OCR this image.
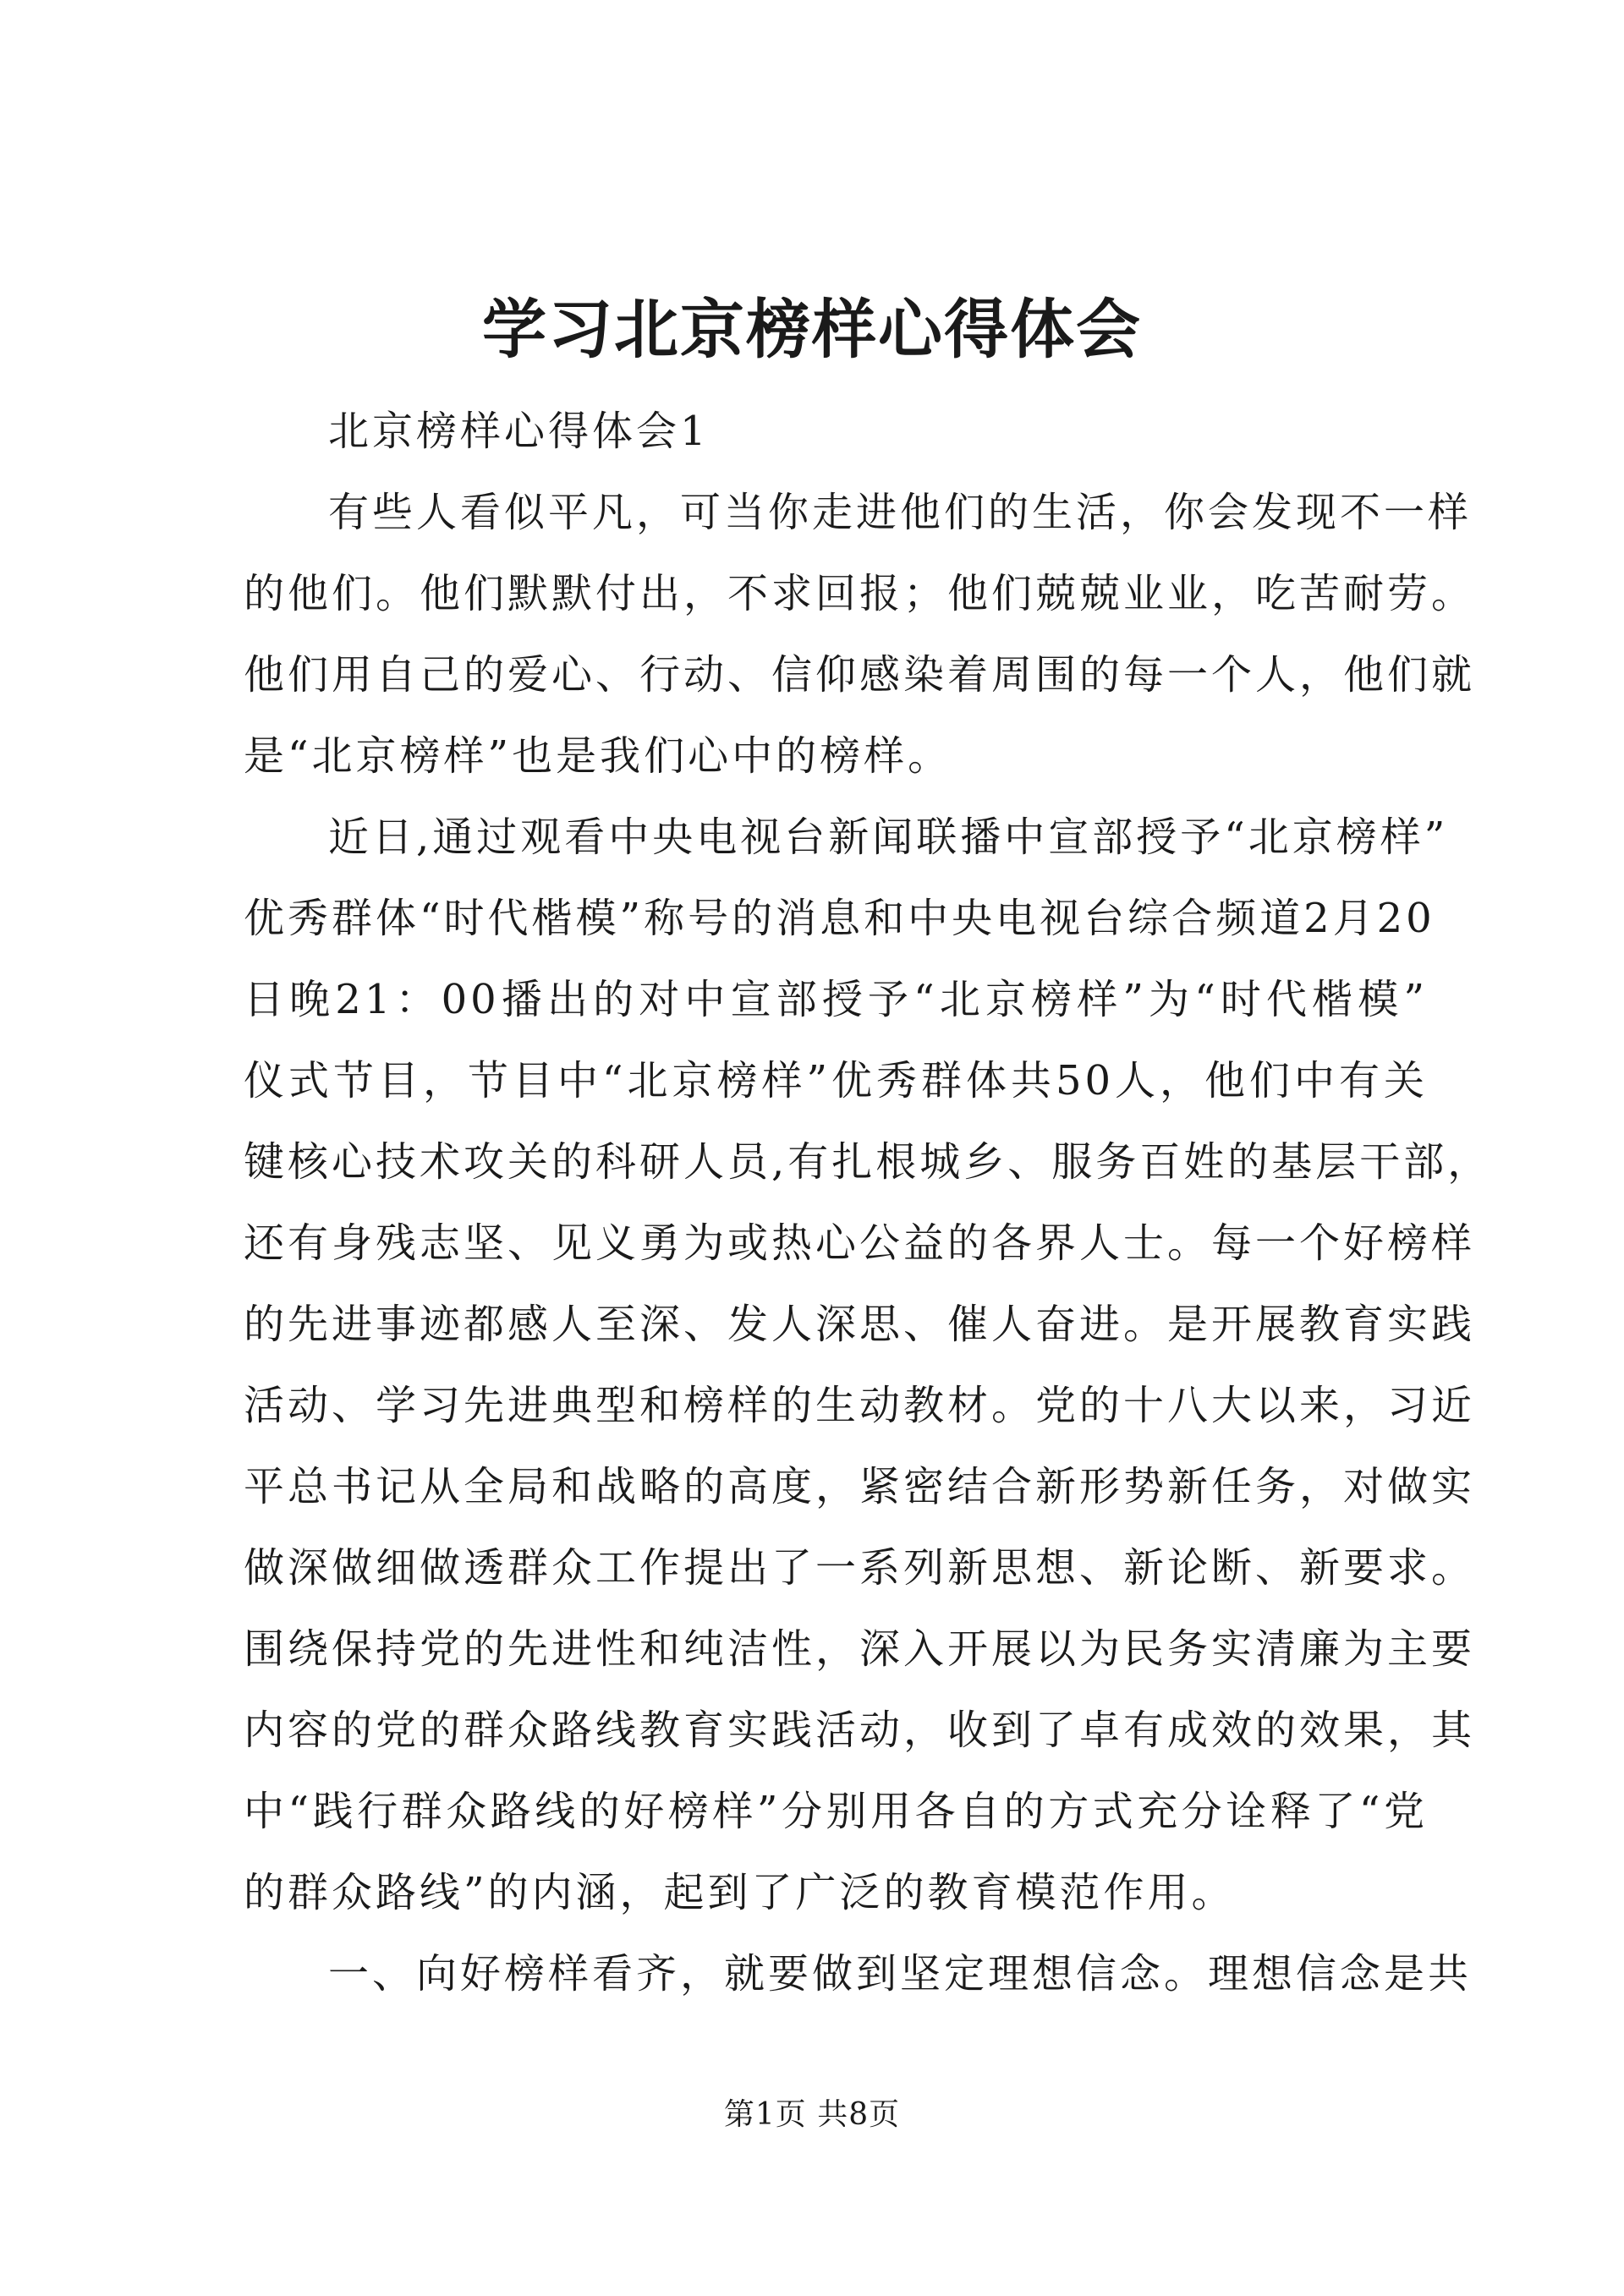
学习北京榜样心得体会
北京榜样心得体会1
有些人看似平凡，可当你走进他们的生活，你会发现不一样
的他们。他们默默付出，不求回报；他们兢兢业业，吃苦耐劳。
他们用自己的爱心、行动、信仰感染着周围的每一个人，他们就
是“北京榜样”也是我们心中的榜样。
近日,通过观看中央电视台新闻联播中宣部授予“北京榜样”
优秀群体“时代楷模”称号的消息和中央电视台综合频道2月20
日晚21：00播出的对中宣部授予“北京榜样”为“时代楷模”
仪式节目，节目中“北京榜样”优秀群体共50人，他们中有关
键核心技术攻关的科研人员,有扎根城乡、服务百姓的基层干部，
还有身残志坚、见义勇为或热心公益的各界人士。每一个好榜样
的先进事迹都感人至深、发人深思、催人奋进。是开展教育实践
活动、学习先进典型和榜样的生动教材。党的十八大以来，习近
平总书记从全局和战略的高度，紧密结合新形势新任务，对做实
做深做细做透群众工作提出了一系列新思想、新论断、新要求。
围绕保持党的先进性和纯洁性，深入开展以为民务实清廉为主要
内容的党的群众路线教育实践活动，收到了卓有成效的效果，其
中“践行群众路线的好榜样”分别用各自的方式充分诠释了“党
的群众路线”的内涵，起到了广泛的教育模范作用。
一、向好榜样看齐，就要做到坚定理想信念。理想信念是共
第1页 共8页
